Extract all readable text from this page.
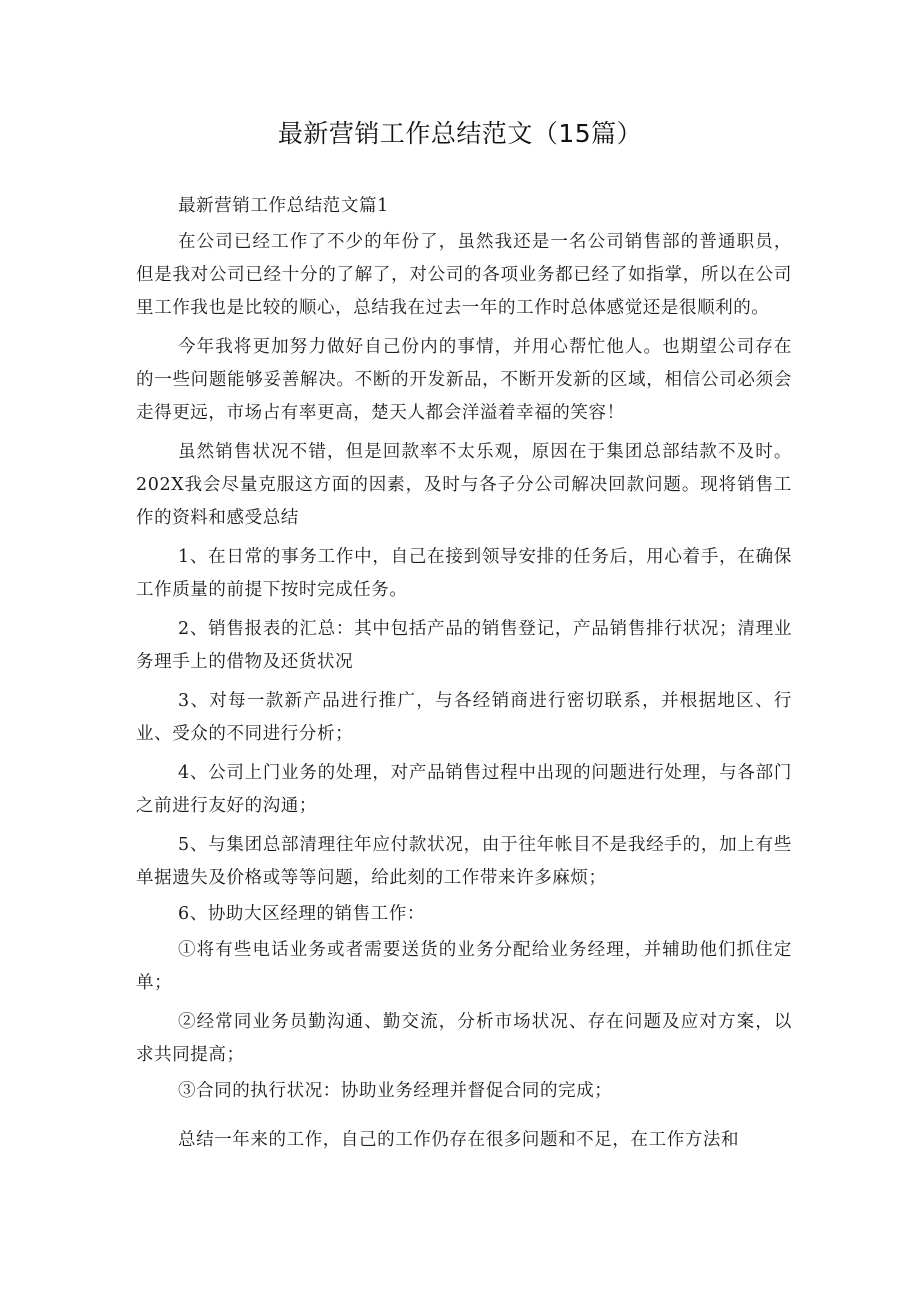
最新营销工作总结范文（15篇）

最新营销工作总结范文篇1

在公司已经工作了不少的年份了，虽然我还是一名公司销售部的普通职员，但是我对公司已经十分的了解了，对公司的各项业务都已经了如指掌，所以在公司里工作我也是比较的顺心，总结我在过去一年的工作时总体感觉还是很顺利的。

今年我将更加努力做好自己份内的事情，并用心帮忙他人。也期望公司存在的一些问题能够妥善解决。不断的开发新品，不断开发新的区域，相信公司必须会走得更远，市场占有率更高，楚天人都会洋溢着幸福的笑容！

虽然销售状况不错，但是回款率不太乐观，原因在于集团总部结款不及时。202X我会尽量克服这方面的因素，及时与各子分公司解决回款问题。现将销售工作的资料和感受总结

1、在日常的事务工作中，自己在接到领导安排的任务后，用心着手，在确保工作质量的前提下按时完成任务。

2、销售报表的汇总：其中包括产品的销售登记，产品销售排行状况；清理业务理手上的借物及还货状况

3、对每一款新产品进行推广，与各经销商进行密切联系，并根据地区、行业、受众的不同进行分析；

4、公司上门业务的处理，对产品销售过程中出现的问题进行处理，与各部门之前进行友好的沟通；

5、与集团总部清理往年应付款状况，由于往年帐目不是我经手的，加上有些单据遗失及价格或等等问题，给此刻的工作带来许多麻烦；

6、协助大区经理的销售工作：

①将有些电话业务或者需要送货的业务分配给业务经理，并辅助他们抓住定单；

②经常同业务员勤沟通、勤交流，分析市场状况、存在问题及应对方案，以求共同提高；

③合同的执行状况：协助业务经理并督促合同的完成；

总结一年来的工作，自己的工作仍存在很多问题和不足，在工作方法和
